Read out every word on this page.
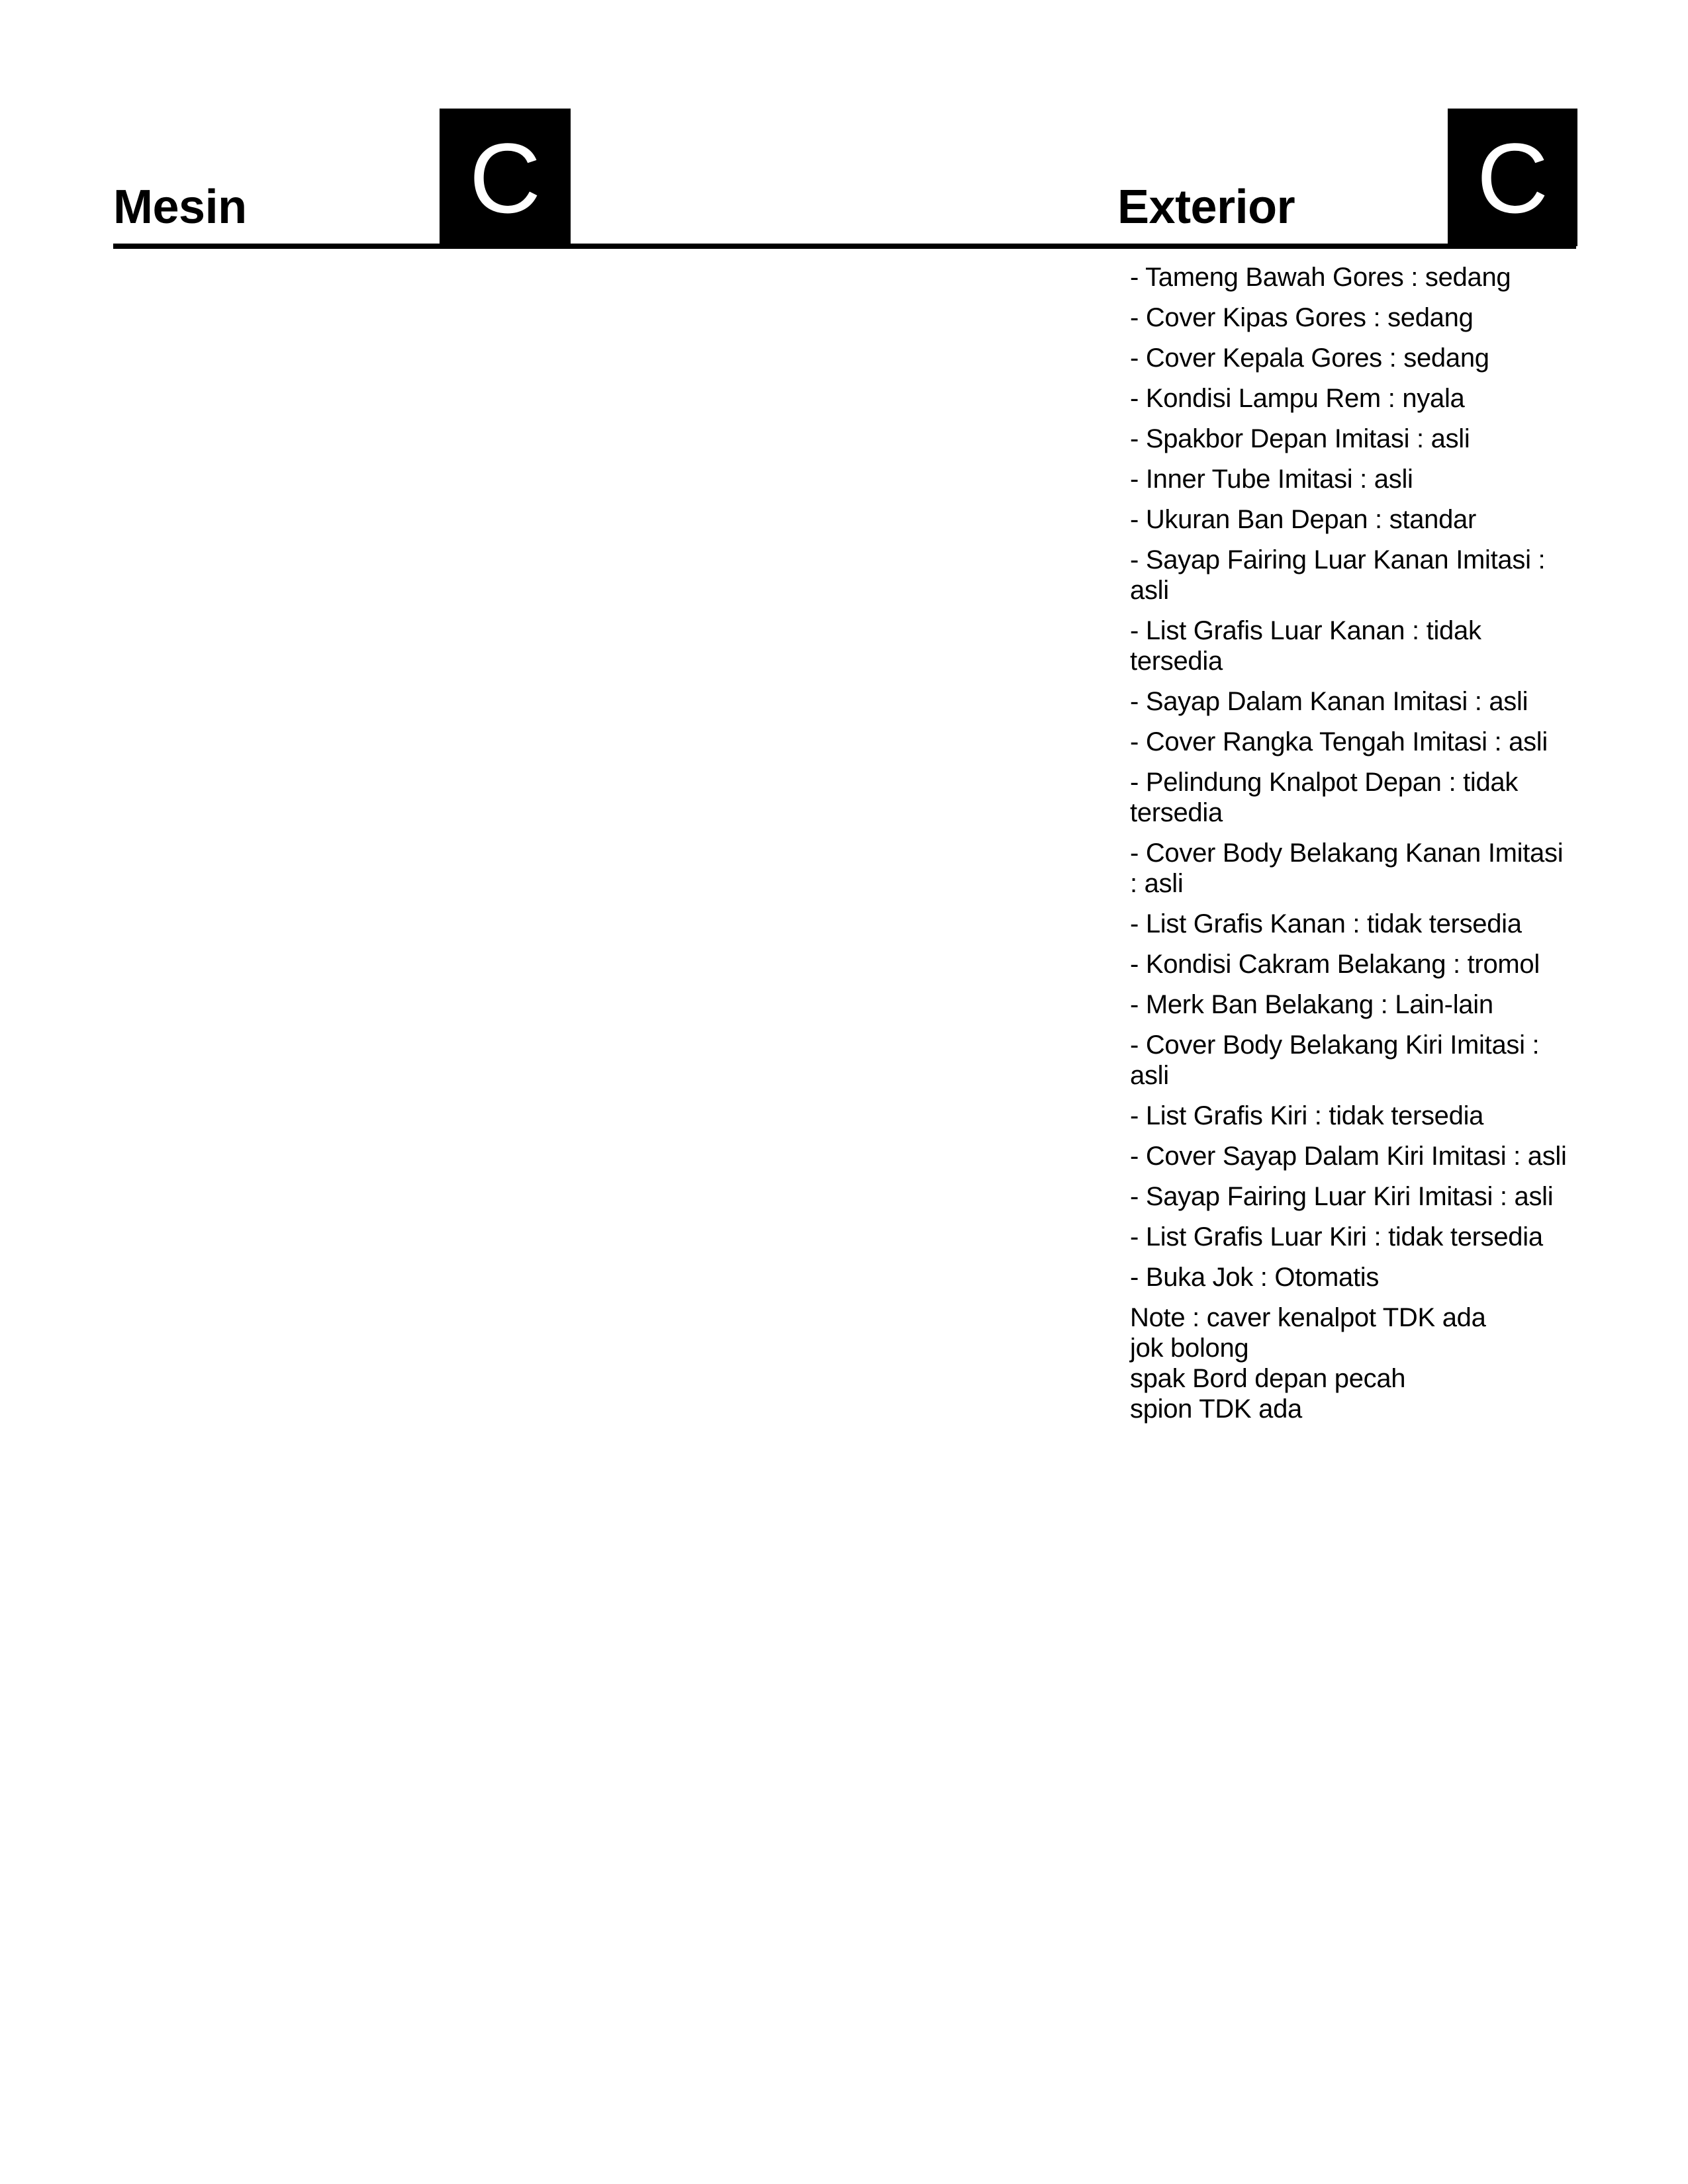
Mesin C	Exterior C
- Tameng Bawah Gores : sedang
- Cover Kipas Gores : sedang
- Cover Kepala Gores : sedang
- Kondisi Lampu Rem : nyala
- Spakbor Depan Imitasi : asli
- Inner Tube Imitasi : asli
- Ukuran Ban Depan : standar
- Sayap Fairing Luar Kanan Imitasi : asli
- List Grafis Luar Kanan : tidak tersedia
- Sayap Dalam Kanan Imitasi : asli
- Cover Rangka Tengah Imitasi : asli
- Pelindung Knalpot Depan : tidak tersedia
- Cover Body Belakang Kanan Imitasi : asli
- List Grafis Kanan : tidak tersedia
- Kondisi Cakram Belakang : tromol
- Merk Ban Belakang : Lain-lain
- Cover Body Belakang Kiri Imitasi : asli
- List Grafis Kiri : tidak tersedia
- Cover Sayap Dalam Kiri Imitasi : asli
- Sayap Fairing Luar Kiri Imitasi : asli
- List Grafis Luar Kiri : tidak tersedia
- Buka Jok : Otomatis
Note : caver kenalpot TDK ada
jok bolong
spak Bord depan pecah
spion TDK ada
